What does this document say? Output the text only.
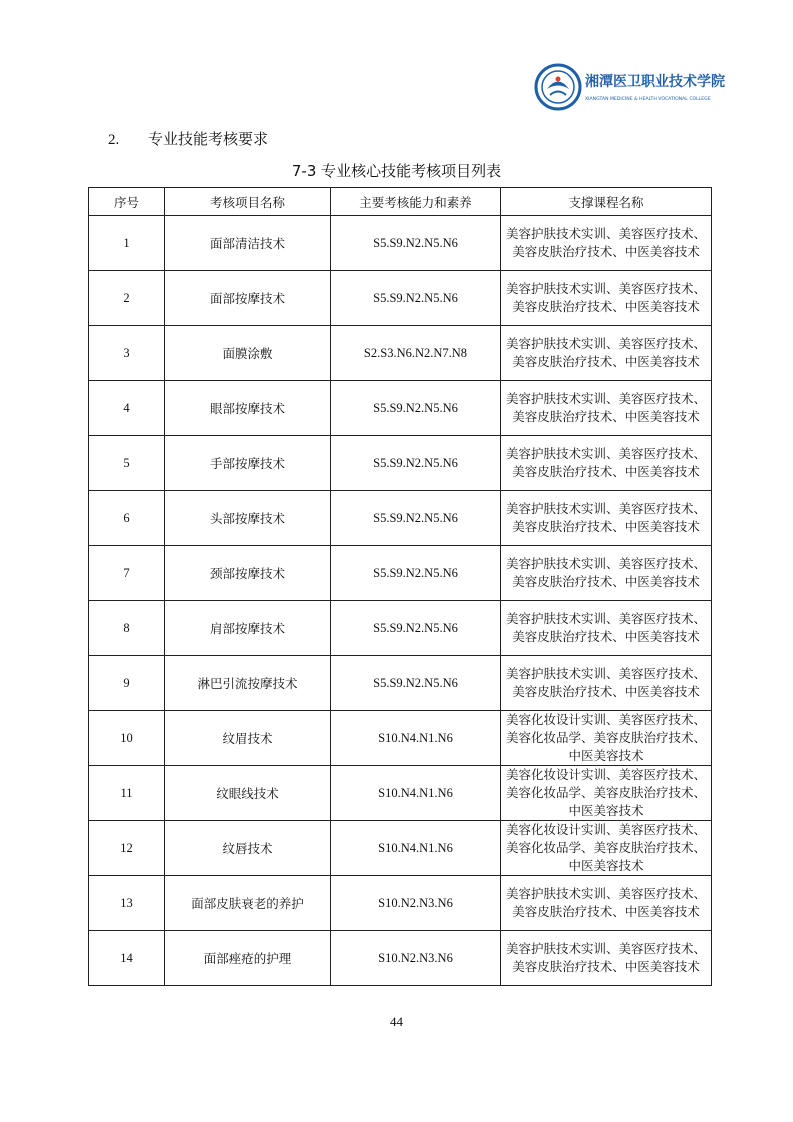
湘潭医卫职业技术学院
XIANGTAN MEDICINE & HEALTH VOCATIONAL COLLEGE
2. 专业技能考核要求
7-3 专业核心技能考核项目列表
序号	考核项目名称	主要考核能力和素养	支撑课程名称
1	面部清洁技术	S5.S9.N2.N5.N6	美容护肤技术实训、美容医疗技术、美容皮肤治疗技术、中医美容技术
2	面部按摩技术	S5.S9.N2.N5.N6	美容护肤技术实训、美容医疗技术、美容皮肤治疗技术、中医美容技术
3	面膜涂敷	S2.S3.N6.N2.N7.N8	美容护肤技术实训、美容医疗技术、美容皮肤治疗技术、中医美容技术
4	眼部按摩技术	S5.S9.N2.N5.N6	美容护肤技术实训、美容医疗技术、美容皮肤治疗技术、中医美容技术
5	手部按摩技术	S5.S9.N2.N5.N6	美容护肤技术实训、美容医疗技术、美容皮肤治疗技术、中医美容技术
6	头部按摩技术	S5.S9.N2.N5.N6	美容护肤技术实训、美容医疗技术、美容皮肤治疗技术、中医美容技术
7	颈部按摩技术	S5.S9.N2.N5.N6	美容护肤技术实训、美容医疗技术、美容皮肤治疗技术、中医美容技术
8	肩部按摩技术	S5.S9.N2.N5.N6	美容护肤技术实训、美容医疗技术、美容皮肤治疗技术、中医美容技术
9	淋巴引流按摩技术	S5.S9.N2.N5.N6	美容护肤技术实训、美容医疗技术、美容皮肤治疗技术、中医美容技术
10	纹眉技术	S10.N4.N1.N6	美容化妆设计实训、美容医疗技术、美容化妆品学、美容皮肤治疗技术、中医美容技术
11	纹眼线技术	S10.N4.N1.N6	美容化妆设计实训、美容医疗技术、美容化妆品学、美容皮肤治疗技术、中医美容技术
12	纹唇技术	S10.N4.N1.N6	美容化妆设计实训、美容医疗技术、美容化妆品学、美容皮肤治疗技术、中医美容技术
13	面部皮肤衰老的养护	S10.N2.N3.N6	美容护肤技术实训、美容医疗技术、美容皮肤治疗技术、中医美容技术
14	面部痤疮的护理	S10.N2.N3.N6	美容护肤技术实训、美容医疗技术、美容皮肤治疗技术、中医美容技术
44
